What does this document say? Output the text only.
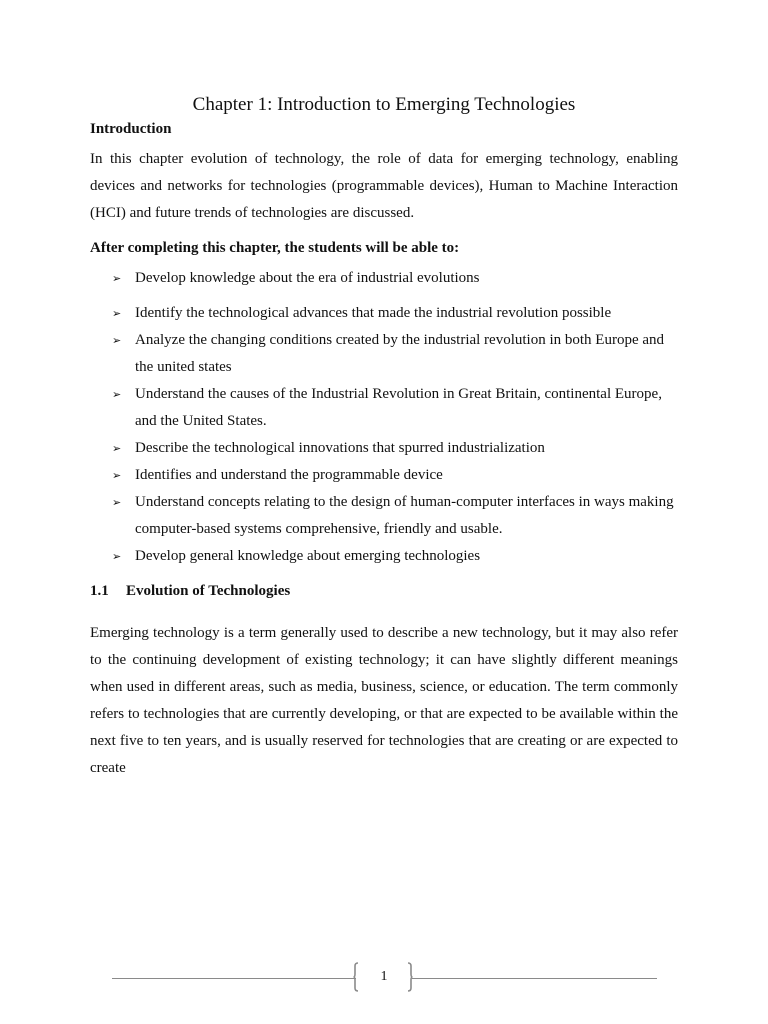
Chapter 1: Introduction to Emerging Technologies

Introduction

In this chapter evolution of technology, the role of data for emerging technology, enabling devices and networks for technologies (programmable devices), Human to Machine Interaction (HCI) and future trends of technologies are discussed.

After completing this chapter, the students will be able to:

➢ Develop knowledge about the era of industrial evolutions
➢ Identify the technological advances that made the industrial revolution possible
➢ Analyze the changing conditions created by the industrial revolution in both Europe and the united states
➢ Understand the causes of the Industrial Revolution in Great Britain, continental Europe, and the United States.
➢ Describe the technological innovations that spurred industrialization
➢ Identifies and understand the programmable device
➢ Understand concepts relating to the design of human-computer interfaces in ways making computer-based systems comprehensive, friendly and usable.
➢ Develop general knowledge about emerging technologies

1.1 Evolution of Technologies

Emerging technology is a term generally used to describe a new technology, but it may also refer to the continuing development of existing technology; it can have slightly different meanings when used in different areas, such as media, business, science, or education. The term commonly refers to technologies that are currently developing, or that are expected to be available within the next five to ten years, and is usually reserved for technologies that are creating or are expected to create

1
